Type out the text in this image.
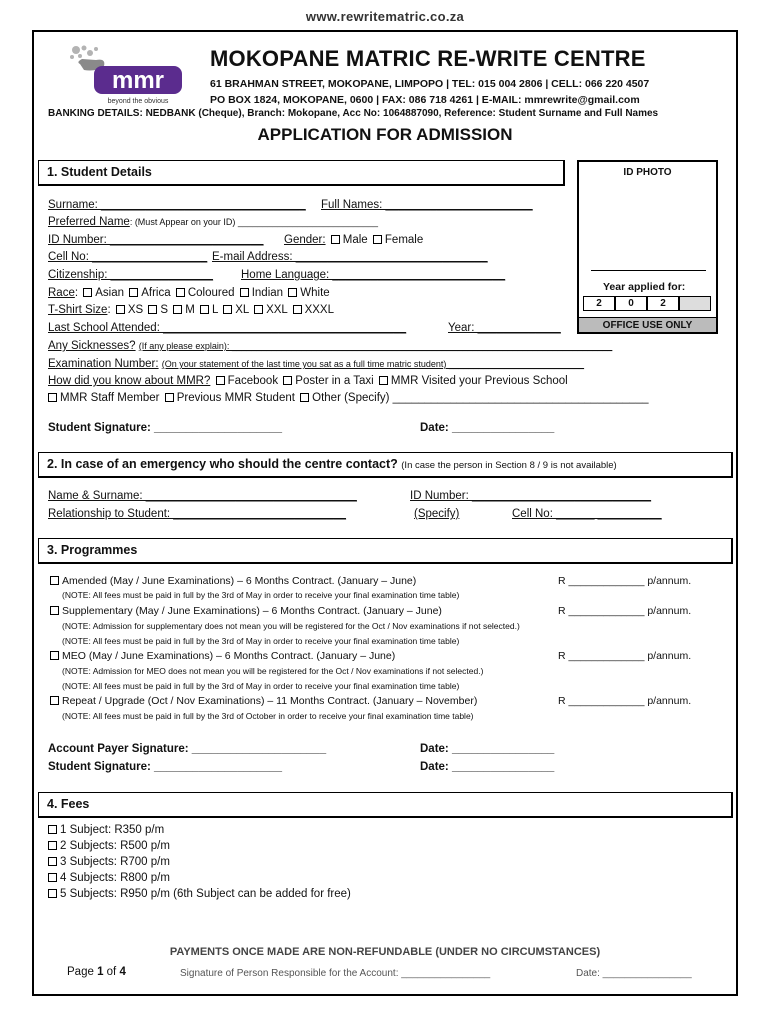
www.rewritematric.co.za
mmr
beyond the obvious
MOKOPANE MATRIC RE-WRITE CENTRE
61 BRAHMAN STREET, MOKOPANE, LIMPOPO | TEL: 015 004 2806 | CELL: 066 220 4507
PO BOX 1824, MOKOPANE, 0600 | FAX: 086 718 4261 | E-MAIL: mmrewrite@gmail.com
BANKING DETAILS: NEDBANK (Cheque), Branch: Mokopane, Acc No: 1064887090, Reference: Student Surname and Full Names
APPLICATION FOR ADMISSION
ID PHOTO
Year applied for:
2	0	2
OFFICE USE ONLY
1. Student Details
Surname: ________________________________ Full Names: _______________________
Preferred Name: (Must Appear on your ID) ____________________________
ID Number: ________________________ Gender: Male Female
Cell No: __________________ E-mail Address: ______________________________
Citizenship: ________________ Home Language: ___________________________
Race: Asian Africa Coloured Indian White
T-Shirt Size: XS S M L XL XXL XXXL
Last School Attended: ______________________________________	Year: _____________
Any Sicknesses? (If any please explain): ____________________________________________________________________________
Examination Number: (On your statement of the last time you sat as a full time matric student) ___________________________
How did you know about MMR? Facebook Poster in a Taxi MMR Visited your Previous School
MMR Staff Member Previous MMR Student Other (Specify) ________________________________________
Student Signature: ____________________	Date: ________________
2. In case of an emergency who should the centre contact? (In case the person in Section 8 / 9 is not available)
Name & Surname: _________________________________	ID Number: ____________________________
Relationship to Student: ___________________________	(Specify)	Cell No: ______ __________
3. Programmes
Amended (May / June Examinations) – 6 Months Contract. (January – June)	R _____________ p/annum.
(NOTE: All fees must be paid in full by the 3rd of May in order to receive your final examination time table)
Supplementary (May / June Examinations) – 6 Months Contract. (January – June)	R _____________ p/annum.
(NOTE: Admission for supplementary does not mean you will be registered for the Oct / Nov examinations if not selected.)
(NOTE: All fees must be paid in full by the 3rd of May in order to receive your final examination time table)
MEO (May / June Examinations) – 6 Months Contract. (January – June)	R _____________ p/annum.
(NOTE: Admission for MEO does not mean you will be registered for the Oct / Nov examinations if not selected.)
(NOTE: All fees must be paid in full by the 3rd of May in order to receive your final examination time table)
Repeat / Upgrade (Oct / Nov Examinations) – 11 Months Contract. (January – November)	R _____________ p/annum.
(NOTE: All fees must be paid in full by the 3rd of October in order to receive your final examination time table)
Account Payer Signature: _____________________	Date: ________________
Student Signature: ____________________	Date: ________________
4. Fees
1 Subject: R350 p/m
2 Subjects: R500 p/m
3 Subjects: R700 p/m
4 Subjects: R800 p/m
5 Subjects: R950 p/m (6th Subject can be added for free)
PAYMENTS ONCE MADE ARE NON-REFUNDABLE (UNDER NO CIRCUMSTANCES)
Page 1 of 4	Signature of Person Responsible for the Account: ________________	Date: ________________
